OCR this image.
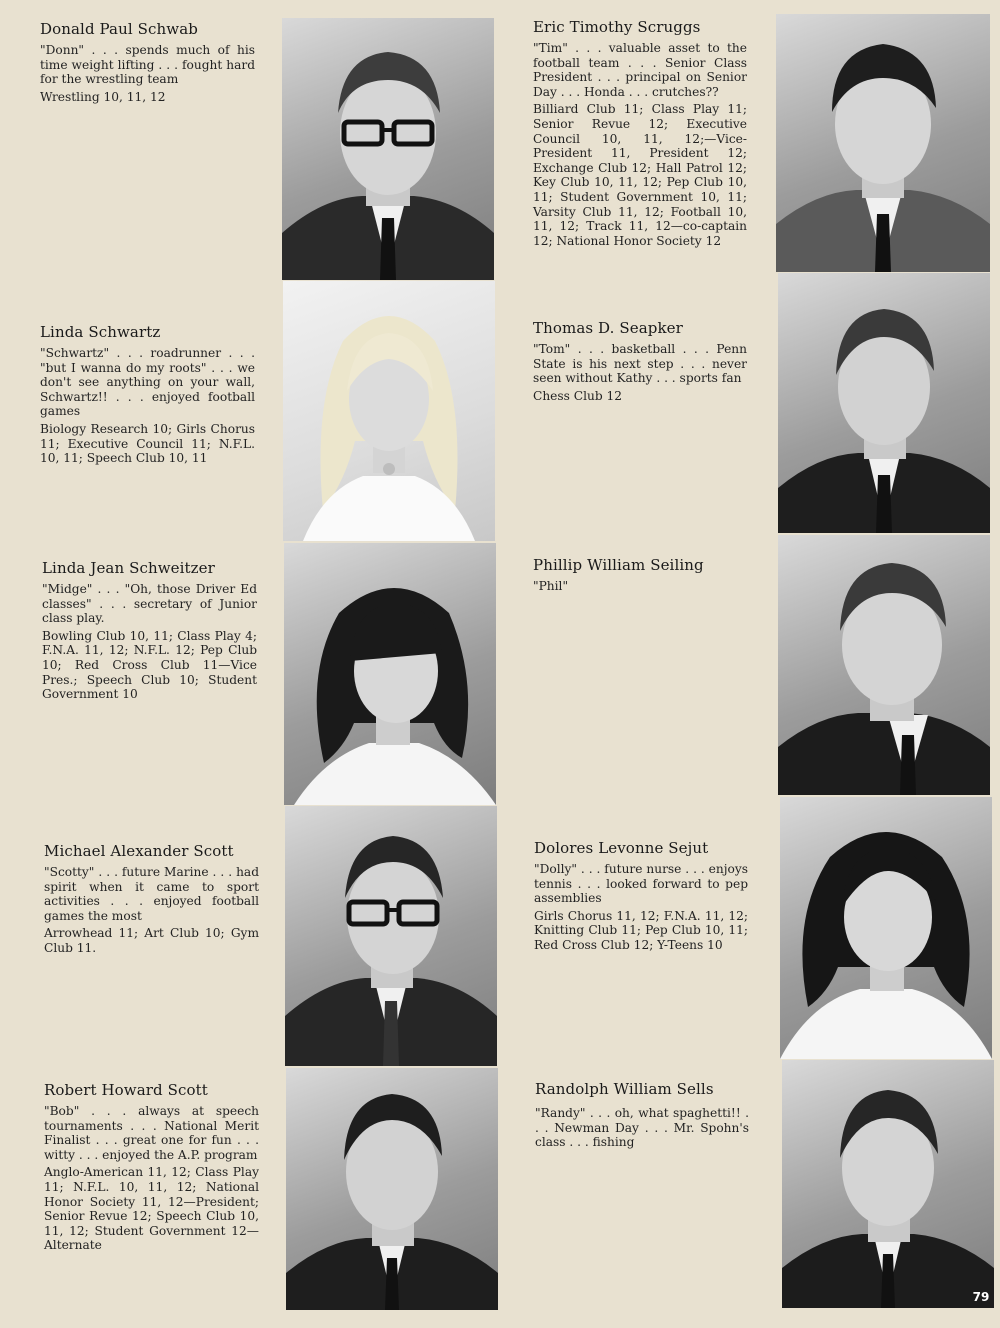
Donald Paul Schwab

"Donn" . . . spends much of his time weight lifting . . . fought hard for the wrestling team

Wrestling 10, 11, 12

Linda Schwartz

"Schwartz" . . . roadrunner . . . "but I wanna do my roots" . . . we don't see anything on your wall, Schwartz!! . . . enjoyed football games

Biology Research 10; Girls Chorus 11; Executive Council 11; N.F.L. 10, 11; Speech Club 10, 11

Linda Jean Schweitzer

"Midge" . . . "Oh, those Driver Ed classes" . . . secretary of Junior class play.

Bowling Club 10, 11; Class Play 4; F.N.A. 11, 12; N.F.L. 12; Pep Club 10; Red Cross Club 11—Vice Pres.; Speech Club 10; Student Government 10

Michael Alexander Scott

"Scotty" . . . future Marine . . . had spirit when it came to sport activities . . . enjoyed football games the most

Arrowhead 11; Art Club 10; Gym Club 11.

Robert Howard Scott

"Bob" . . . always at speech tournaments . . . National Merit Finalist . . . great one for fun . . . witty . . . enjoyed the A.P. program

Anglo-American 11, 12; Class Play 11; N.F.L. 10, 11, 12; National Honor Society 11, 12—President; Senior Revue 12; Speech Club 10, 11, 12; Student Government 12—Alternate

Eric Timothy Scruggs

"Tim" . . . valuable asset to the football team . . . Senior Class President . . . principal on Senior Day . . . Honda . . . crutches??

Billiard Club 11; Class Play 11; Senior Revue 12; Executive Council 10, 11, 12;—Vice-President 11, President 12; Exchange Club 12; Hall Patrol 12; Key Club 10, 11, 12; Pep Club 10, 11; Student Government 10, 11; Varsity Club 11, 12; Football 10, 11, 12; Track 11, 12—co-captain 12; National Honor Society 12

Thomas D. Seapker

"Tom" . . . basketball . . . Penn State is his next step . . . never seen without Kathy . . . sports fan

Chess Club 12

Phillip William Seiling

"Phil"

Dolores Levonne Sejut

"Dolly" . . . future nurse . . . enjoys tennis . . . looked forward to pep assemblies

Girls Chorus 11, 12; F.N.A. 11, 12; Knitting Club 11; Pep Club 10, 11; Red Cross Club 12; Y-Teens 10

Randolph William Sells

"Randy" . . . oh, what spaghetti!! . . . Newman Day . . . Mr. Spohn's class . . . fishing

79
